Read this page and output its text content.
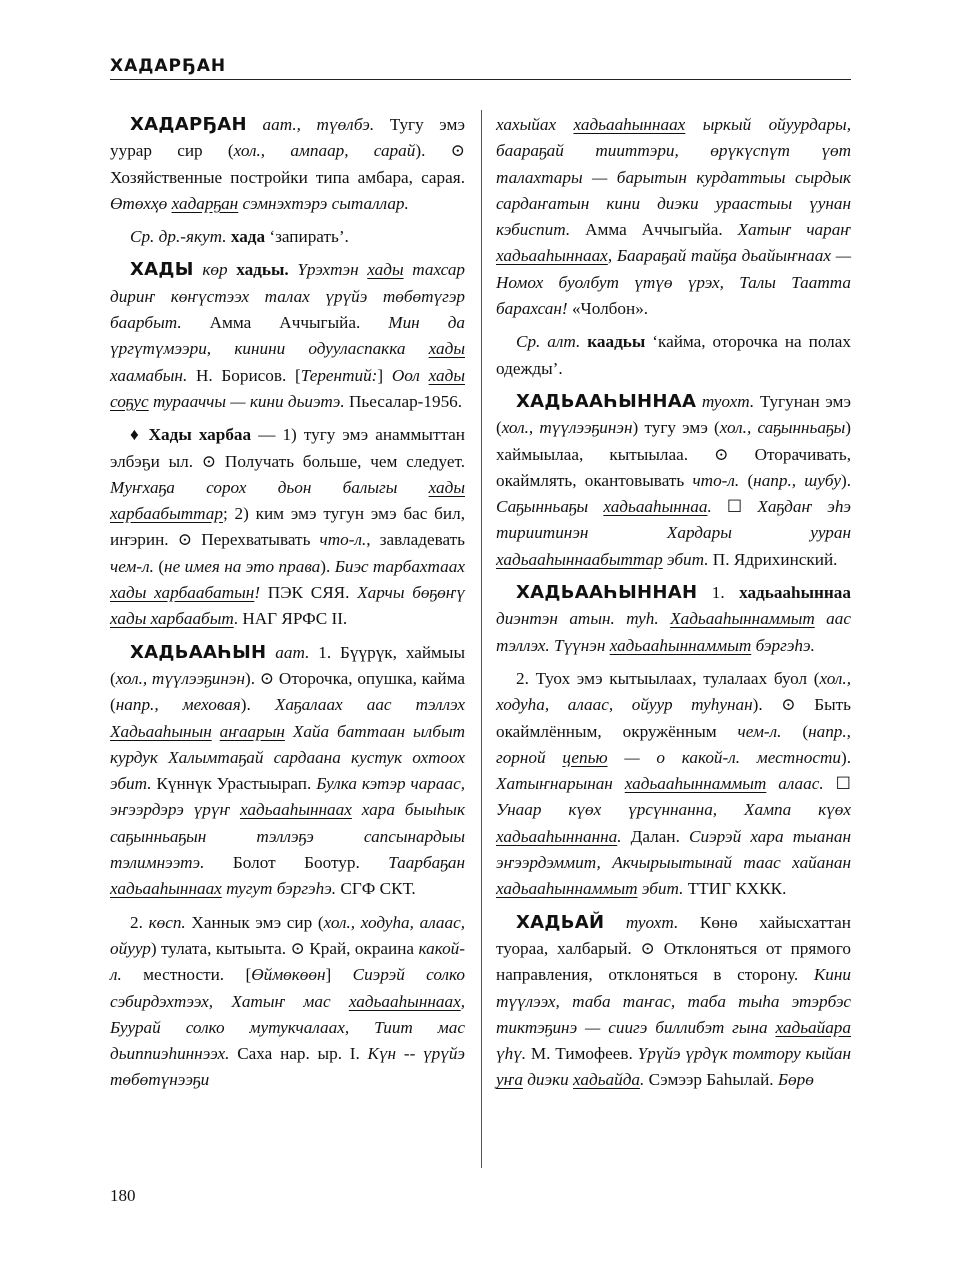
ХАДАРҔАН

ХАДАРҔАН аат., түөлбэ. Тугу эмэ уурар сир (хол., ампаар, сарай). ⊙ Хозяйственные постройки типа амбара, сарая. Өтөхҳө хадарҕан сэмнэхтэрэ сыталлар.

Ср. др.-якут. хада ‘запирать’.

ХАДЫ көр хадьы. Үрэхтэн хады тахсар дириҥ көҥүстээх талах үрүйэ төбөтүгэр баарбыт. Амма Аччыгыйа. Мин да үргүтүмээри, кинини одууласпакка хады хаамабын. Н. Борисов. [Терентий:] Оол хады соҕус турааччы — кини дьиэтэ. Пьесалар-1956.

♦ Хады харбаа — 1) тугу эмэ анаммыттан элбэҕи ыл. ⊙ Получать больше, чем следует. Муҥхаҕа сорох дьон балыгы хады харбаабыттар; 2) ким эмэ тугун эмэ бас бил, иҥэрин. ⊙ Перехватывать что-л., завладевать чем-л. (не имея на это права). Биэс тарбахтаах хады харбаабатын! ПЭК СЯЯ. Харчы бөҕөҥү хады харбаабыт. НАГ ЯРФС II.

ХАДЬААҺЫН аат. 1. Бүүрүк, хаймыы (хол., түүлээҕинэн). ⊙ Оторочка, опушка, кайма (напр., меховая). Хаҕалаах аас тэллэх Хадьааһынын аҥаарын Хайа баттаан ылбыт курдук Халымтаҕай сардаана кустук охтоох эбит. Күннүк Урастыырап. Булка кэтэр чараас, эҥээрдэрэ үрүҥ хадьааһыннаах хара быыһык саҕынньаҕын тэллэҕэ сапсынардыы тэлимнээтэ. Болот Боотур. Таарбаҕан хадьааһыннаах тугут бэргэһэ. СГФ СКТ.

2. көсп. Ханнык эмэ сир (хол., ходуһа, алаас, ойуур) тулата, кытыыта. ⊙ Край, окраина какой-л. местности. [Өймөкөөн] Сиэрэй солко сэбирдэхтээх, Хатыҥ мас хадьааһыннаах, Буурай солко мутукчалаах, Тиит мас дьиппиэһиннээх. Саха нар. ыр. I. Күн -- үрүйэ төбөтүнээҕи

хахыйах хадьааһыннаах ыркый ойуурдары, баараҕай тииттэри, өрүкүспүт үөт талахтары — барытын курдаттыы сырдык сардаҥатын кини диэки ураастыы үунан кэбиспит. Амма Аччыгыйа. Хатыҥ чараҥ хадьааһыннаах, Баараҕай тайҕа дьайыҥнаах — Номох буолбут үтүө үрэх, Талы Таатта барахсан! «Чолбон».

Ср. алт. каадьы ‘кайма, оторочка на полах одежды’.

ХАДЬААҺЫННАА туохт. Тугунан эмэ (хол., түүлээҕинэн) тугу эмэ (хол., саҕынньаҕы) хаймыылаа, кытыылаа. ⊙ Оторачивать, окаймлять, окантовывать что-л. (напр., шубу). Саҕынньаҕы хадьааһыннаа. ☐ Хаҕдаҥ эһэ тириитинэн Хардары ууран хадьааһыннаабыттар эбит. П. Ядрихинский.

ХАДЬААҺЫННАН 1. хадьааһыннаа диэнтэн атын. туһ. Хадьааһыннаммыт аас тэллэх. Түүнэн хадьааһыннаммыт бэргэһэ.

2. Туох эмэ кытыылаах, тулалаах буол (хол., ходуһа, алаас, ойуур туһунан). ⊙ Быть окаймлённым, окружённым чем-л. (напр., горной цепью — о какой-л. местности). Хатыҥнарынан хадьааһыннаммыт алаас. ☐ Унаар күөх үрсүннанна, Хампа күөх хадьааһыннанна. Далан. Сиэрэй хара тыанан эҥээрдэммит, Акчырыытынай таас хайанан хадьааһыннаммыт эбит. ТТИГ КХКК.

ХАДЬАЙ туохт. Көнө хайысхаттан туораа, халбарый. ⊙ Отклоняться от прямого направления, отклоняться в сторону. Кини түүлээх, таба таҥас, таба тыһа этэрбэс тиктэҕинэ — сиигэ биллибэт гына хадьайара үһү. М. Тимофеев. Үрүйэ үрдүк томтору кыйан уҥа диэки хадьайда. Сэмээр Баһылай. Бөрө

180
